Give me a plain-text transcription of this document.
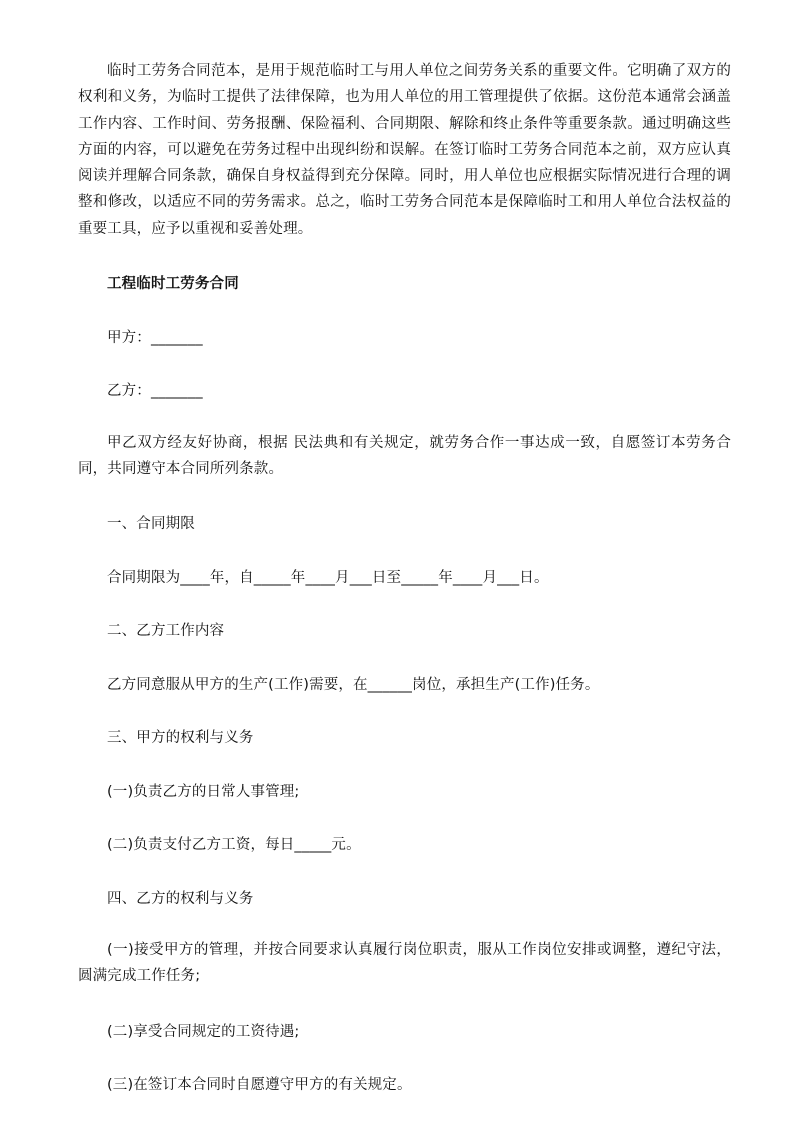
临时工劳务合同范本，是用于规范临时工与用人单位之间劳务关系的重要文件。它明确了双方的权利和义务，为临时工提供了法律保障，也为用人单位的用工管理提供了依据。这份范本通常会涵盖工作内容、工作时间、劳务报酬、保险福利、合同期限、解除和终止条件等重要条款。通过明确这些方面的内容，可以避免在劳务过程中出现纠纷和误解。在签订临时工劳务合同范本之前，双方应认真阅读并理解合同条款，确保自身权益得到充分保障。同时，用人单位也应根据实际情况进行合理的调整和修改，以适应不同的劳务需求。总之，临时工劳务合同范本是保障临时工和用人单位合法权益的重要工具，应予以重视和妥善处理。

工程临时工劳务合同

甲方：_______

乙方：_______

甲乙双方经友好协商，根据 民法典和有关规定，就劳务合作一事达成一致，自愿签订本劳务合同，共同遵守本合同所列条款。

一、合同期限

合同期限为____年，自_____年____月___日至_____年____月___日。

二、乙方工作内容

乙方同意服从甲方的生产(工作)需要，在______岗位，承担生产(工作)任务。

三、甲方的权利与义务

(一)负责乙方的日常人事管理;

(二)负责支付乙方工资，每日_____元。

四、乙方的权利与义务

(一)接受甲方的管理，并按合同要求认真履行岗位职责，服从工作岗位安排或调整，遵纪守法，圆满完成工作任务;

(二)享受合同规定的工资待遇;

(三)在签订本合同时自愿遵守甲方的有关规定。
